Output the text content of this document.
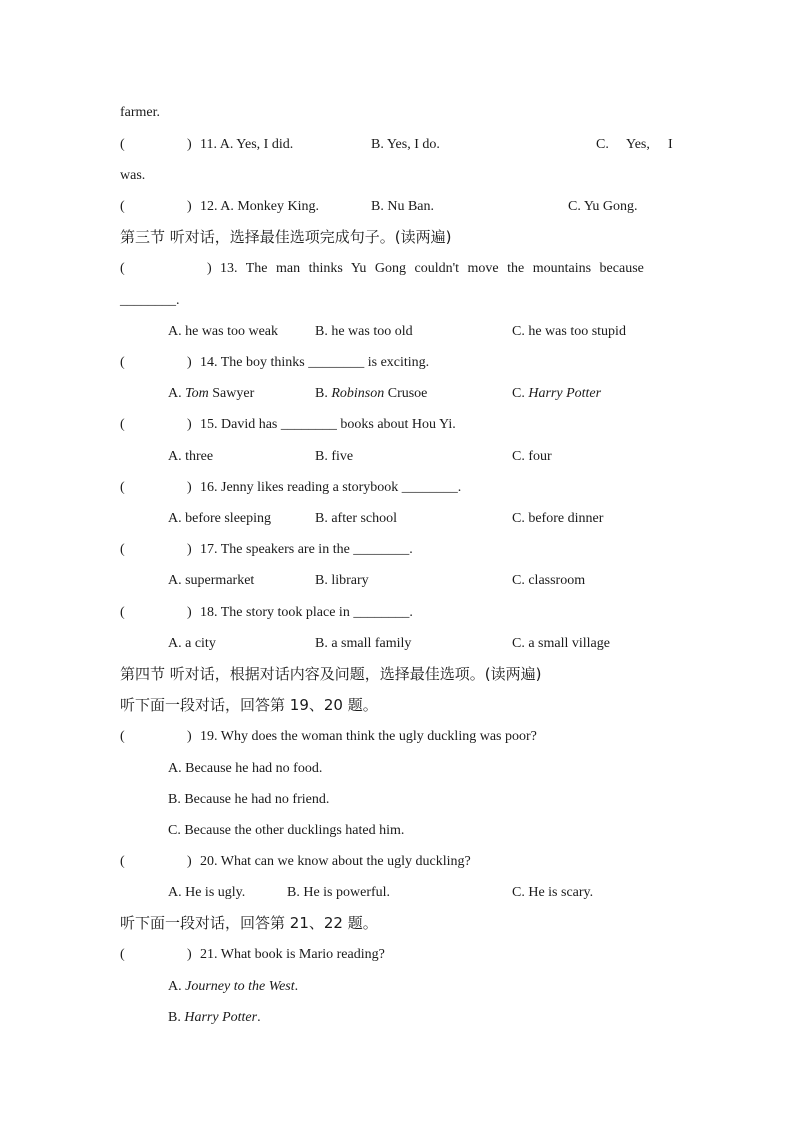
farmer.
(	) 11. A. Yes, I did.	B. Yes, I do.	C. Yes, I
was.
(	) 12. A. Monkey King.	B. Nu Ban.	C. Yu Gong.
第三节 听对话，选择最佳选项完成句子。(读两遍)
(	) 13. The man thinks Yu Gong couldn't move the mountains because
________.
A. he was too weak	B. he was too old	C. he was too stupid
(	) 14. The boy thinks ________ is exciting.
A. Tom Sawyer	B. Robinson Crusoe	C. Harry Potter
(	) 15. David has ________ books about Hou Yi.
A. three	B. five	C. four
(	) 16. Jenny likes reading a storybook ________.
A. before sleeping	B. after school	C. before dinner
(	) 17. The speakers are in the ________.
A. supermarket	B. library	C. classroom
(	) 18. The story took place in ________.
A. a city	B. a small family	C. a small village
第四节 听对话，根据对话内容及问题，选择最佳选项。(读两遍)
听下面一段对话，回答第 19、20 题。
(	) 19. Why does the woman think the ugly duckling was poor?
A. Because he had no food.
B. Because he had no friend.
C. Because the other ducklings hated him.
(	) 20. What can we know about the ugly duckling?
A. He is ugly.	B. He is powerful.	C. He is scary.
听下面一段对话，回答第 21、22 题。
(	) 21. What book is Mario reading?
A. Journey to the West.
B. Harry Potter.
